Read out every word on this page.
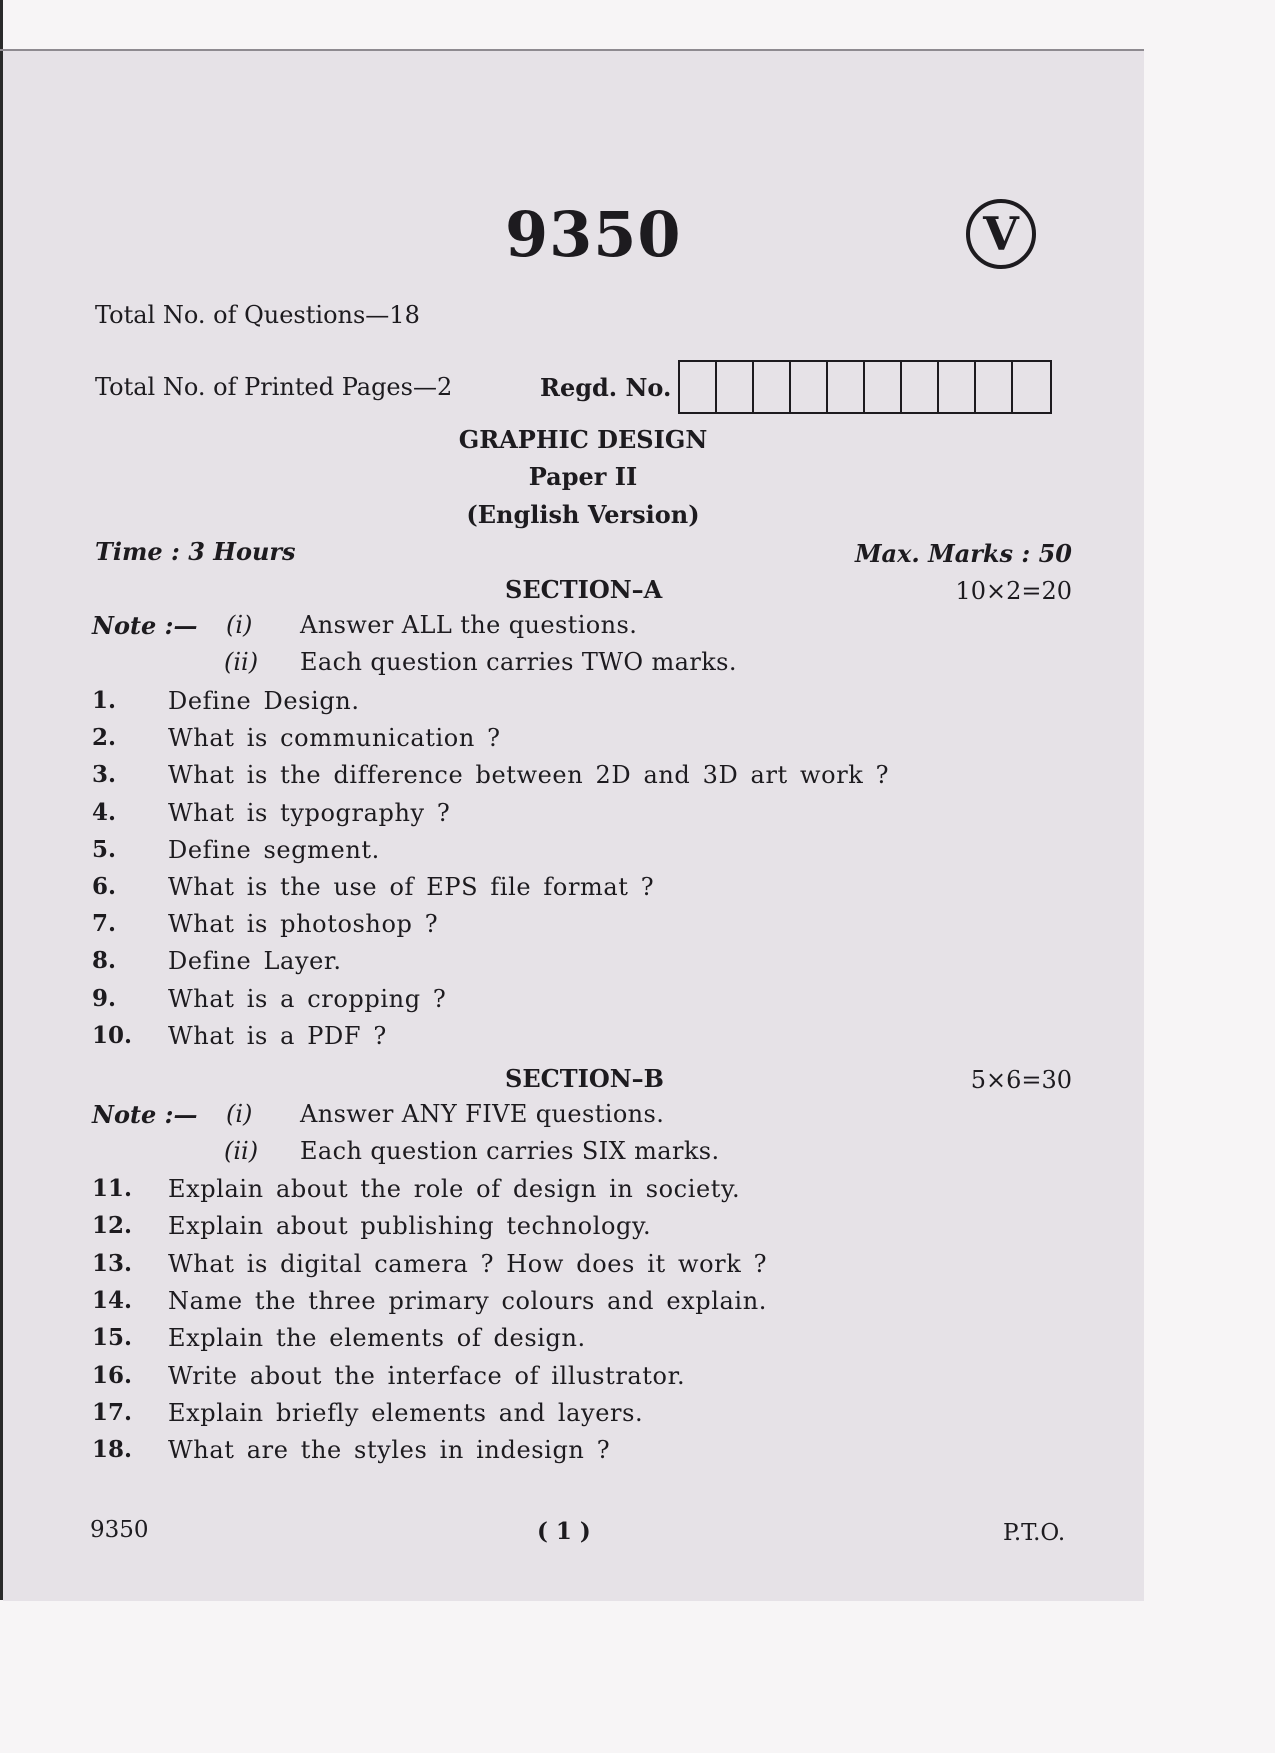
9350	V
Total No. of Questions—18
Total No. of Printed Pages—2	Regd. No.
GRAPHIC DESIGN
Paper II
(English Version)
Time : 3 Hours	Max. Marks : 50
SECTION–A	10×2=20
Note :— (i) Answer ALL the questions.
(ii) Each question carries TWO marks.
1. Define Design.
2. What is communication ?
3. What is the difference between 2D and 3D art work ?
4. What is typography ?
5. Define segment.
6. What is the use of EPS file format ?
7. What is photoshop ?
8. Define Layer.
9. What is a cropping ?
10. What is a PDF ?
SECTION–B	5×6=30
Note :— (i) Answer ANY FIVE questions.
(ii) Each question carries SIX marks.
11. Explain about the role of design in society.
12. Explain about publishing technology.
13. What is digital camera ? How does it work ?
14. Name the three primary colours and explain.
15. Explain the elements of design.
16. Write about the interface of illustrator.
17. Explain briefly elements and layers.
18. What are the styles in indesign ?
9350	( 1 )	P.T.O.
